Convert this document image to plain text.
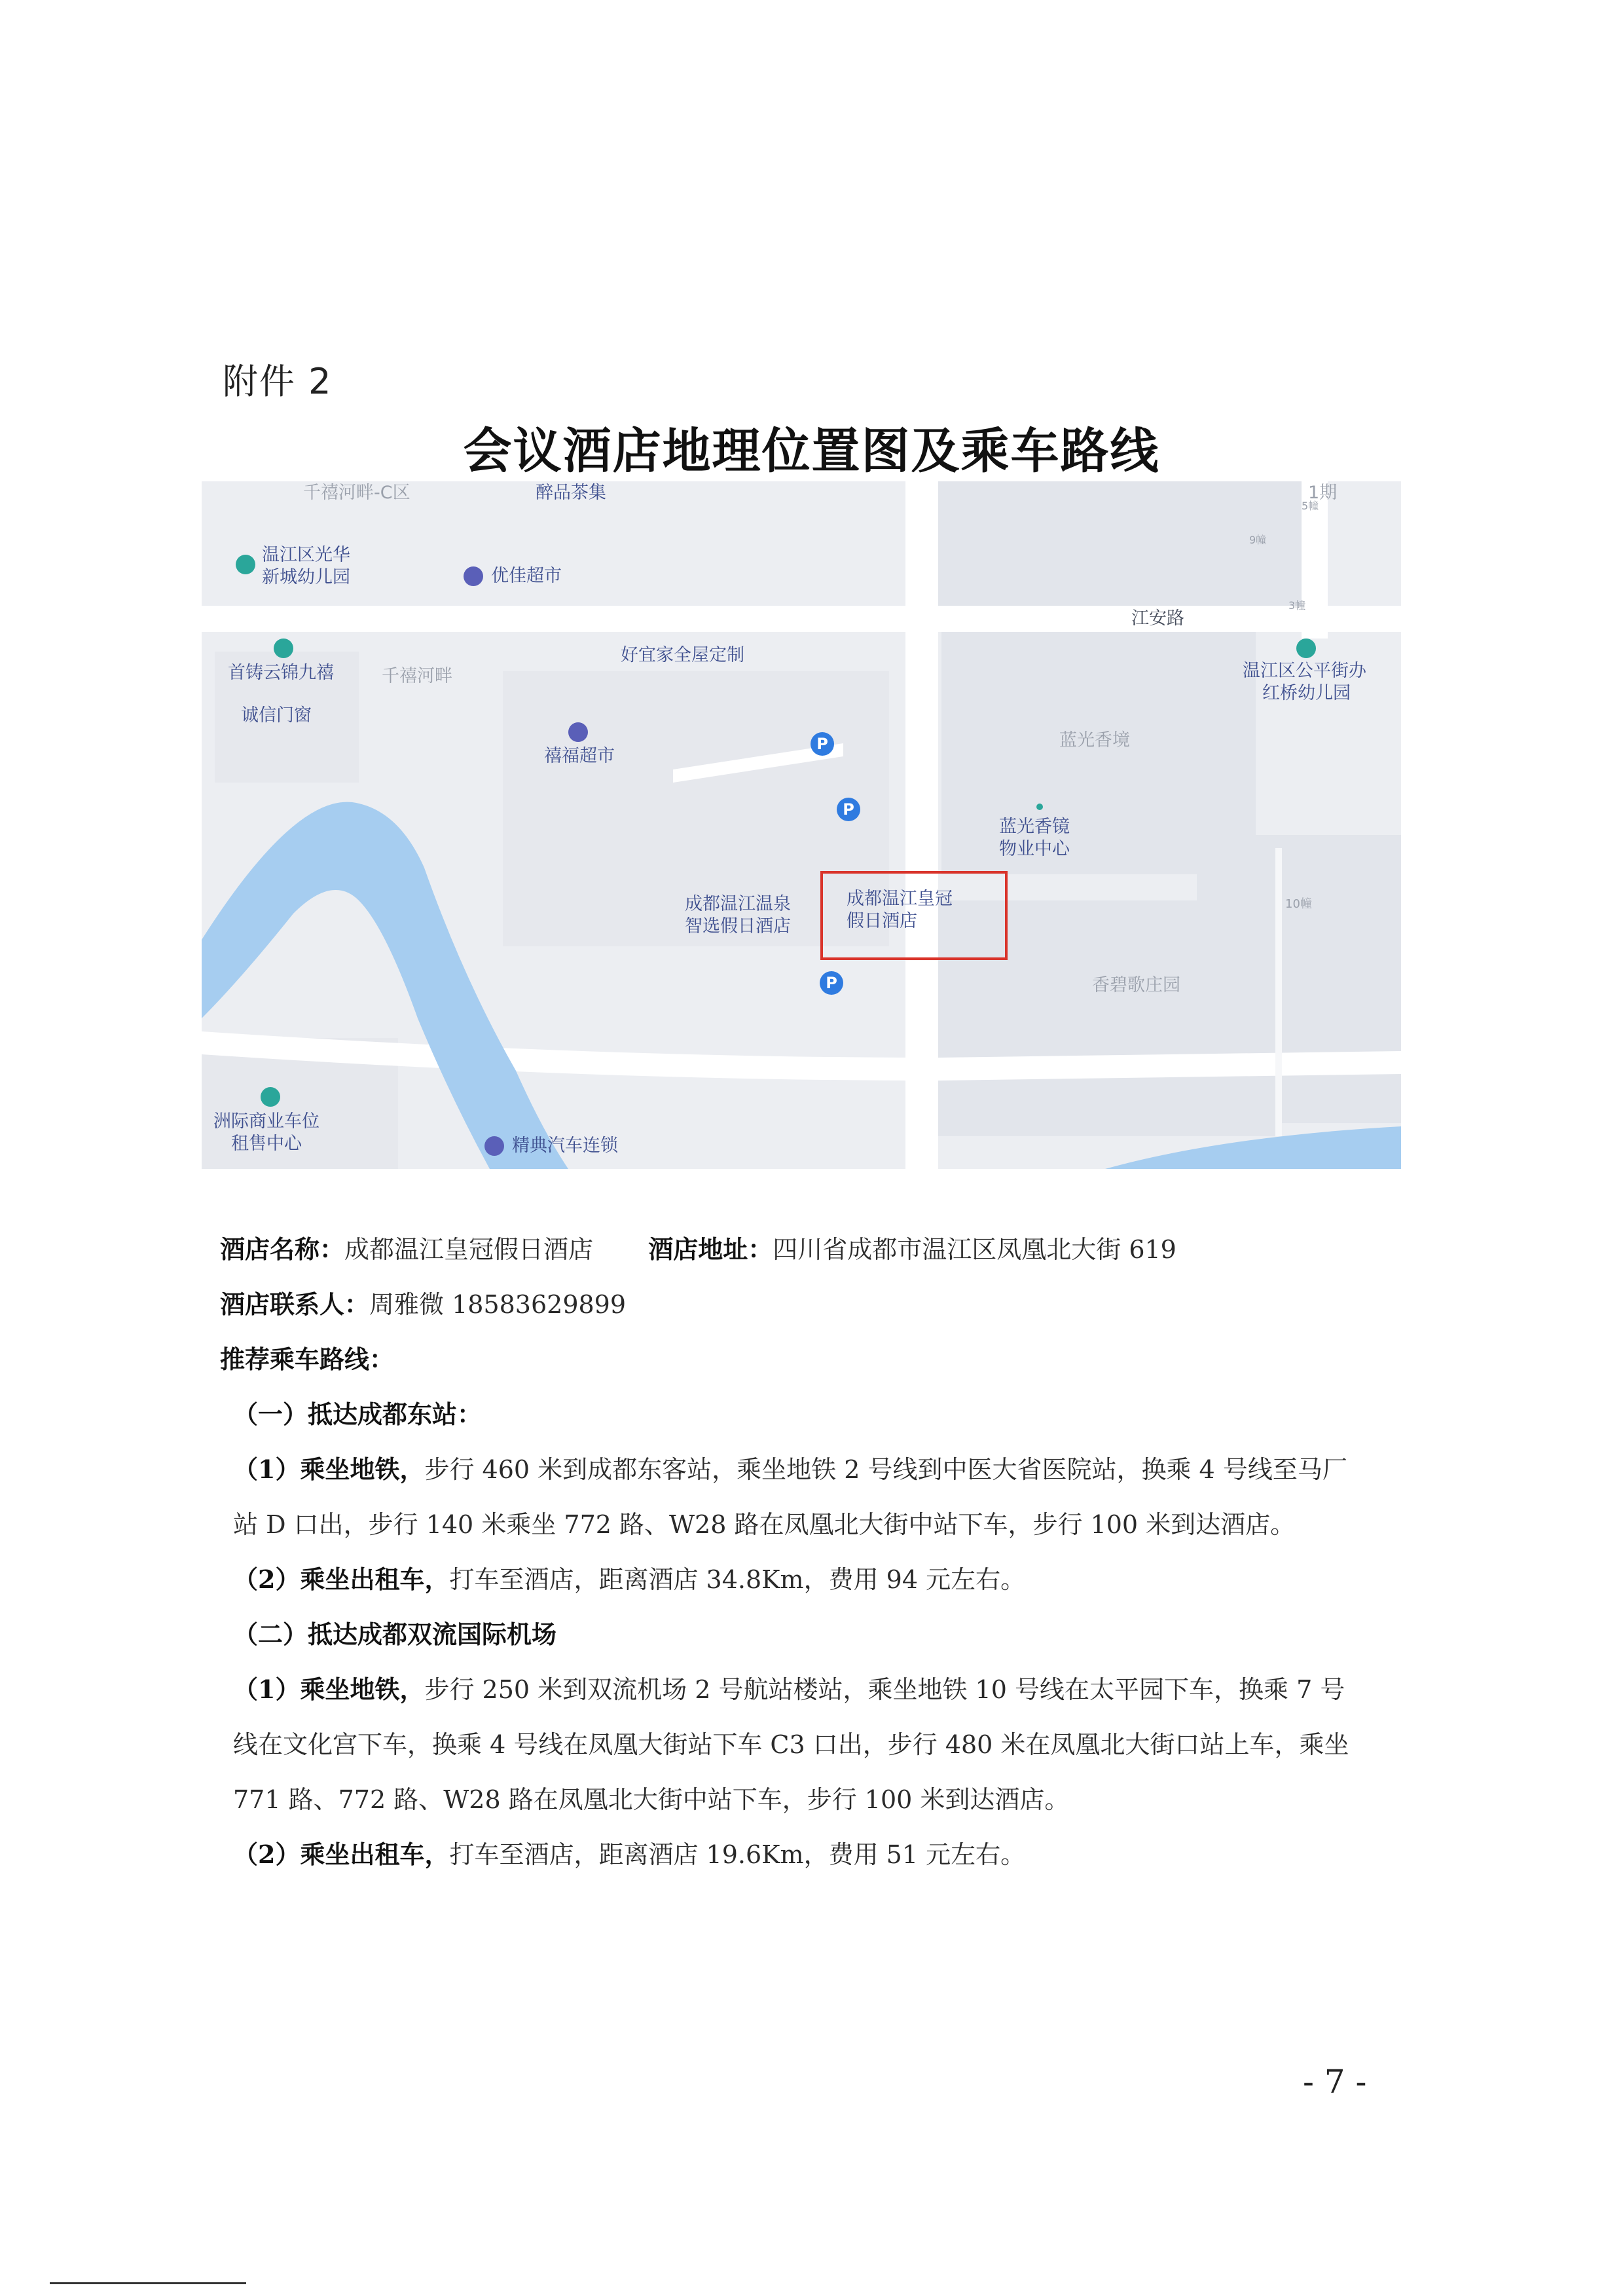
附件 2
会议酒店地理位置图及乘车路线
千禧河畔-C区	醉品茶集	1期
5幢
9幢
3幢
温江区光华
新城幼儿园	优佳超市
江安路
温江区公平街办
红桥幼儿园
首铸云锦九禧
诚信门窗
千禧河畔
好宜家全屋定制
禧福超市
P
P
P
蓝光香境
蓝光香镜
物业中心
10幢
成都温江温泉
智选假日酒店
成都温江皇冠
假日酒店
香碧歌庄园
洲际商业车位
租售中心	精典汽车连锁

酒店名称：成都温江皇冠假日酒店 酒店地址：四川省成都市温江区凤凰北大街 619

酒店联系人：周雅微 18583629899

推荐乘车路线：

（一）抵达成都东站：

（1）乘坐地铁，步行 460 米到成都东客站，乘坐地铁 2 号线到中医大省医院站，换乘 4 号线至马厂站 D 口出，步行 140 米乘坐 772 路、W28 路在凤凰北大街中站下车，步行 100 米到达酒店。

（2）乘坐出租车，打车至酒店，距离酒店 34.8Km，费用 94 元左右。

（二）抵达成都双流国际机场

（1）乘坐地铁，步行 250 米到双流机场 2 号航站楼站，乘坐地铁 10 号线在太平园下车，换乘 7 号线在文化宫下车，换乘 4 号线在凤凰大街站下车 C3 口出，步行 480 米在凤凰北大街口站上车，乘坐 771 路、772 路、W28 路在凤凰北大街中站下车，步行 100 米到达酒店。

（2）乘坐出租车，打车至酒店，距离酒店 19.6Km，费用 51 元左右。

- 7 -
